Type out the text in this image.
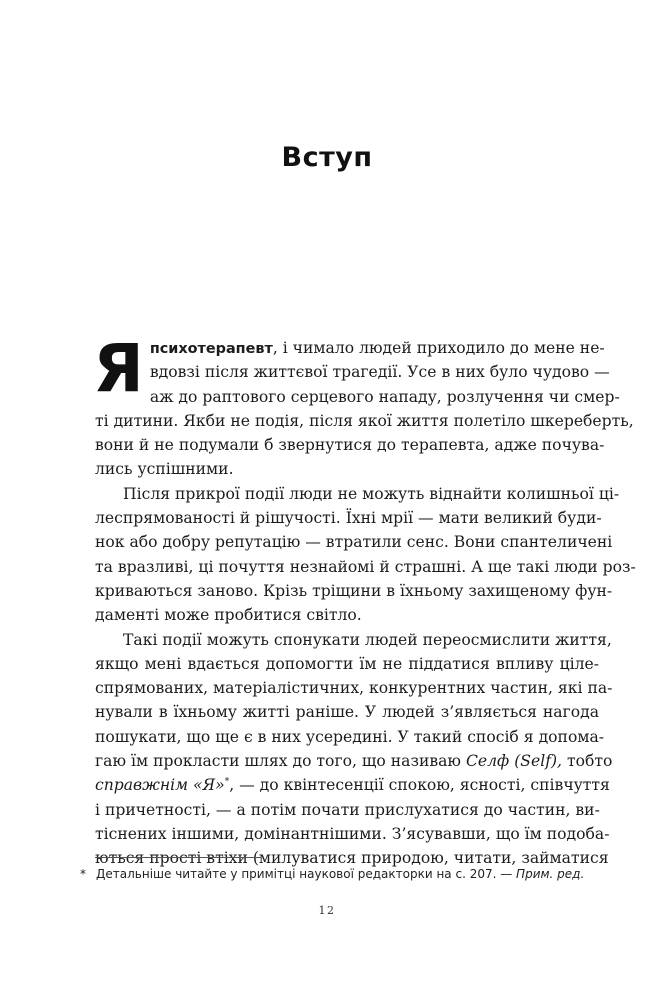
Вступ
Я психотерапевт, і чимало людей приходило до мене не-
вдовзі після життєвої трагедії. Усе в них було чудово —
аж до раптового серцевого нападу, розлучення чи смер-
ті дитини. Якби не подія, після якої життя полетіло шкереберть,
вони й не подумали б звернутися до терапевта, адже почува-
лись успішними.
Після прикрої події люди не можуть віднайти колишньої ці-
леспрямованості й рішучості. Їхні мрії — мати великий буди-
нок або добру репутацію — втратили сенс. Вони спантеличені
та вразливі, ці почуття незнайомі й страшні. А ще такі люди роз-
криваються заново. Крізь тріщини в їхньому захищеному фун-
даменті може пробитися світло.
Такі події можуть спонукати людей переосмислити життя,
якщо мені вдається допомогти їм не піддатися впливу ціле-
спрямованих, матеріалістичних, конкурентних частин, які па-
нували в їхньому житті раніше. У людей з’являється нагода
пошукати, що ще є в них усередині. У такий спосіб я допома-
гаю їм прокласти шлях до того, що називаю Селф (Self), тобто
справжнім «Я»*, — до квінтесенції спокою, ясності, співчуття
і причетності, — а потім почати прислухатися до частин, ви-
тіснених іншими, домінантнішими. З’ясувавши, що їм подоба-
ються прості втіхи (милуватися природою, читати, займатися
* Детальніше читайте у примітці наукової редакторки на с. 207. — Прим. ред.
12
